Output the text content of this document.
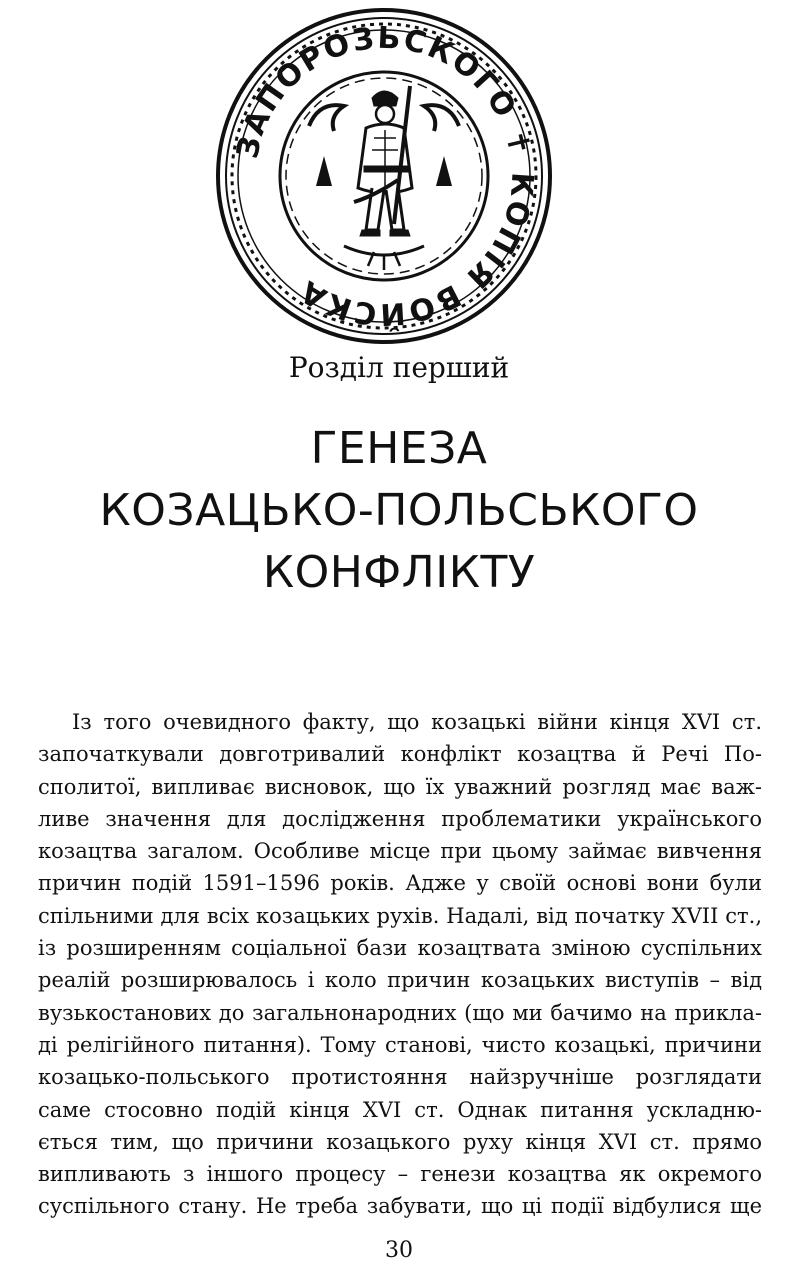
ЗАПОРОЗЬСКОГО ✝ КОПІЯ ВОЙСКА
Розділ перший
ГЕНЕЗА
КОЗАЦЬКО-ПОЛЬСЬКОГО
КОНФЛІКТУ
Із того очевидного факту, що козацькі війни кінця XVI ст.
започаткували довготривалий конфлікт козацтва й Речі По-
сполитої, випливає висновок, що їх уважний розгляд має важ-
ливе значення для дослідження проблематики українського
козацтва загалом. Особливе місце при цьому займає вивчення
причин подій 1591–1596 років. Адже у своїй основі вони були
спільними для всіх козацьких рухів. Надалі, від початку XVII ст.,
із розширенням соціальної бази козацтвата зміною суспільних
реалій розширювалось і коло причин козацьких виступів – від
вузькостанових до загальнонародних (що ми бачимо на прикла-
ді релігійного питання). Тому станові, чисто козацькі, причини
козацько-польського протистояння найзручніше розглядати
саме стосовно подій кінця XVI ст. Однак питання ускладню-
ється тим, що причини козацького руху кінця XVI ст. прямо
випливають з іншого процесу – генези козацтва як окремого
суспільного стану. Не треба забувати, що ці події відбулися ще
30
